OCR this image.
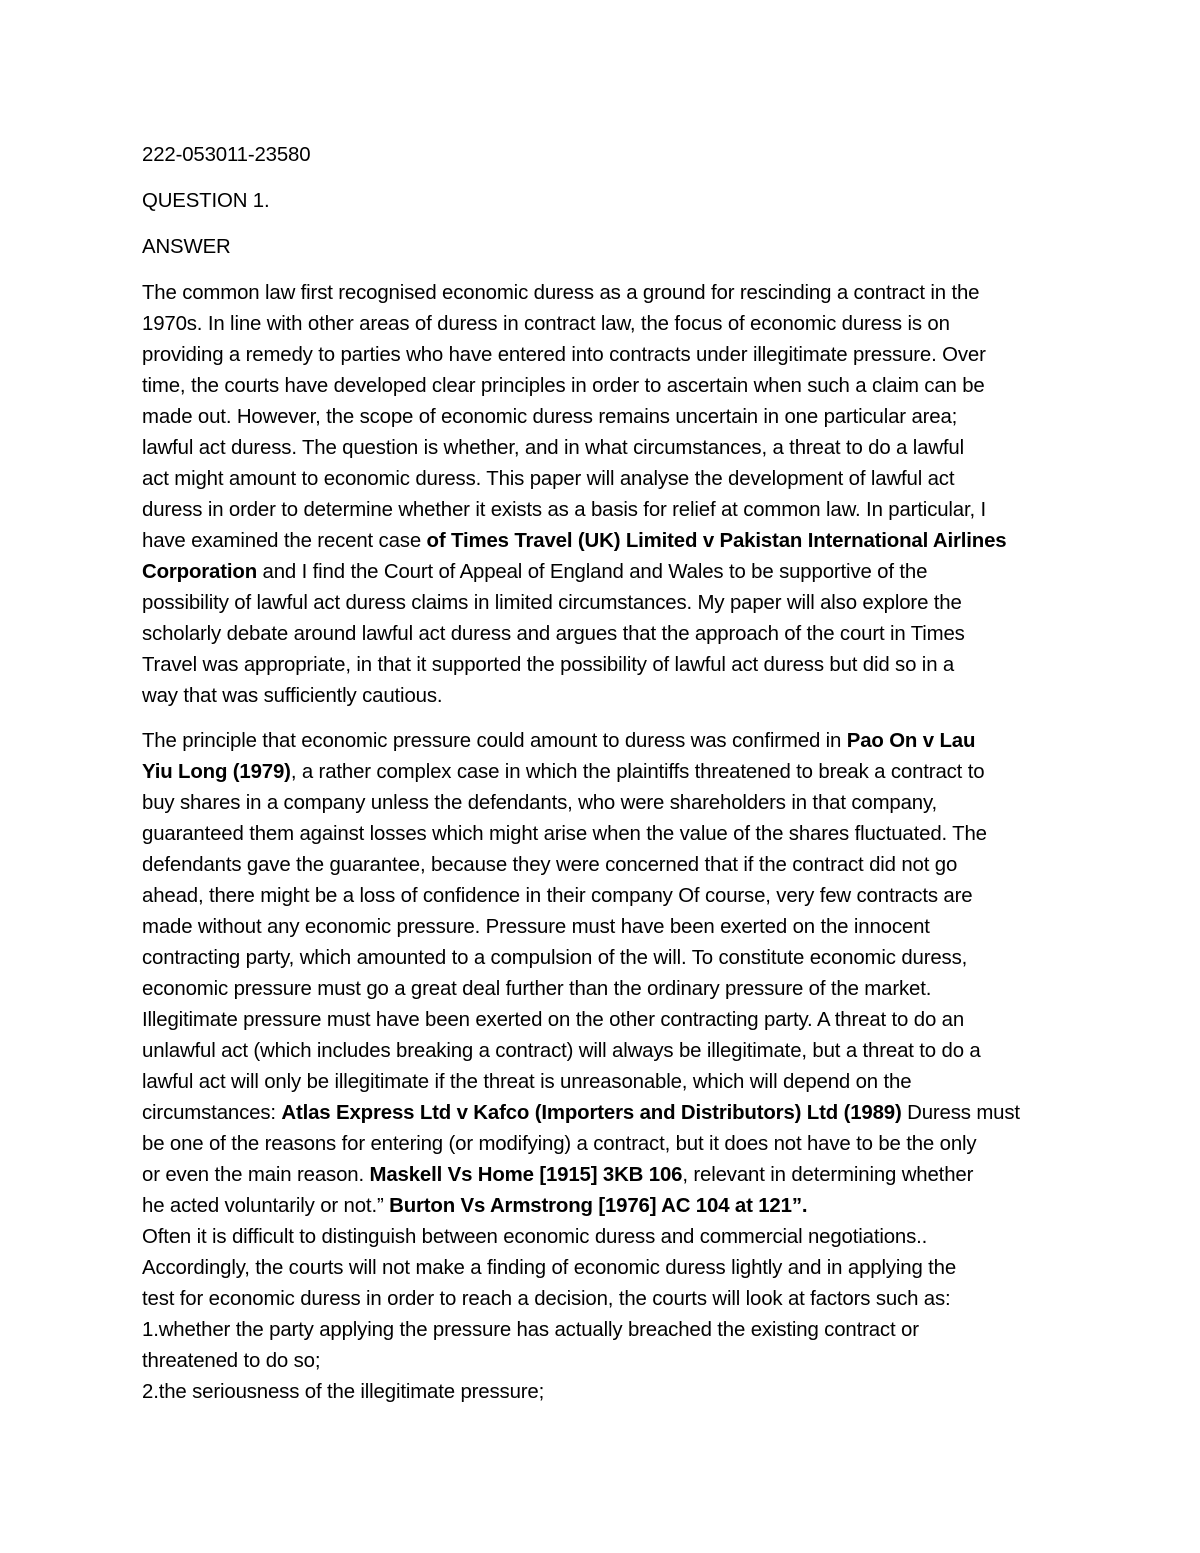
222-053011-23580
QUESTION 1.
ANSWER
The common law first recognised economic duress as a ground for rescinding a contract in the
1970s. In line with other areas of duress in contract law, the focus of economic duress is on
providing a remedy to parties who have entered into contracts under illegitimate pressure. Over
time, the courts have developed clear principles in order to ascertain when such a claim can be
made out. However, the scope of economic duress remains uncertain in one particular area;
lawful act duress. The question is whether, and in what circumstances, a threat to do a lawful
act might amount to economic duress. This paper will analyse the development of lawful act
duress in order to determine whether it exists as a basis for relief at common law. In particular, I
have examined the recent case of Times Travel (UK) Limited v Pakistan International Airlines
Corporation and I find the Court of Appeal of England and Wales to be supportive of the
possibility of lawful act duress claims in limited circumstances. My paper will also explore the
scholarly debate around lawful act duress and argues that the approach of the court in Times
Travel was appropriate, in that it supported the possibility of lawful act duress but did so in a
way that was sufficiently cautious.
The principle that economic pressure could amount to duress was confirmed in Pao On v Lau
Yiu Long (1979), a rather complex case in which the plaintiffs threatened to break a contract to
buy shares in a company unless the defendants, who were shareholders in that company,
guaranteed them against losses which might arise when the value of the shares fluctuated. The
defendants gave the guarantee, because they were concerned that if the contract did not go
ahead, there might be a loss of confidence in their company Of course, very few contracts are
made without any economic pressure. Pressure must have been exerted on the innocent
contracting party, which amounted to a compulsion of the will. To constitute economic duress,
economic pressure must go a great deal further than the ordinary pressure of the market.
Illegitimate pressure must have been exerted on the other contracting party. A threat to do an
unlawful act (which includes breaking a contract) will always be illegitimate, but a threat to do a
lawful act will only be illegitimate if the threat is unreasonable, which will depend on the
circumstances: Atlas Express Ltd v Kafco (Importers and Distributors) Ltd (1989) Duress must
be one of the reasons for entering (or modifying) a contract, but it does not have to be the only
or even the main reason. Maskell Vs Home [1915] 3KB 106, relevant in determining whether
he acted voluntarily or not.” Burton Vs Armstrong [1976] AC 104 at 121”.
Often it is difficult to distinguish between economic duress and commercial negotiations..
Accordingly, the courts will not make a finding of economic duress lightly and in applying the
test for economic duress in order to reach a decision, the courts will look at factors such as:
1.whether the party applying the pressure has actually breached the existing contract or
threatened to do so;
2.the seriousness of the illegitimate pressure;
